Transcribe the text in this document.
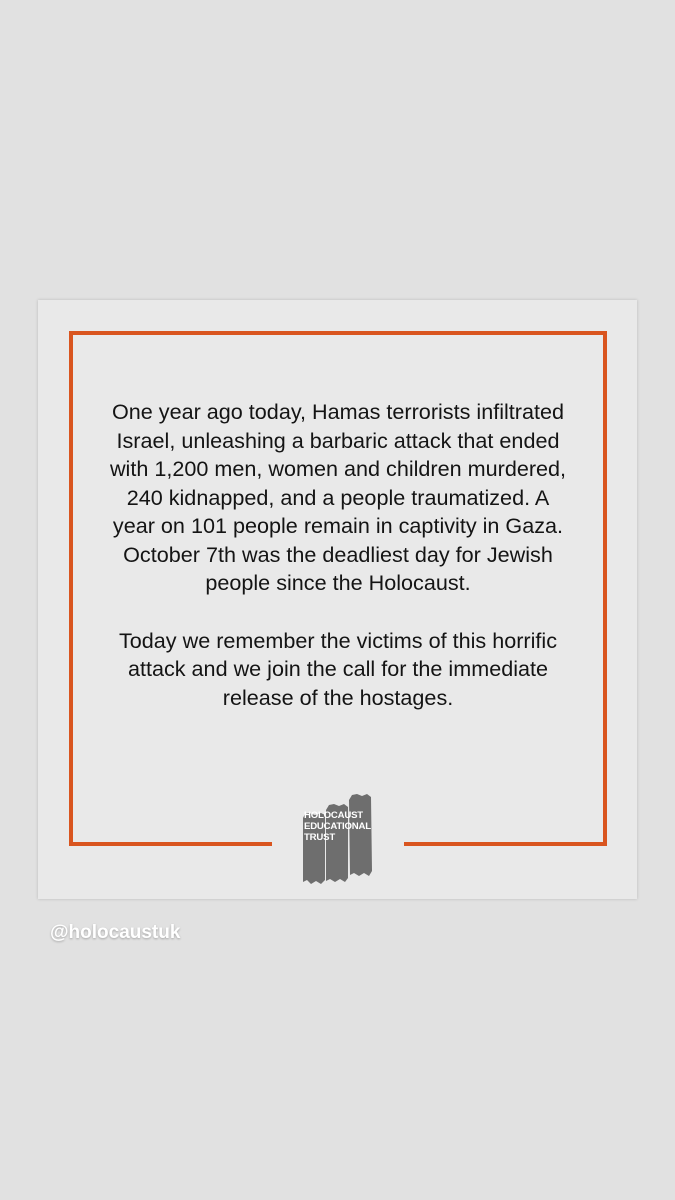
One year ago today, Hamas terrorists infiltrated Israel, unleashing a barbaric attack that ended with 1,200 men, women and children murdered, 240 kidnapped, and a people traumatized. A year on 101 people remain in captivity in Gaza. October 7th was the deadliest day for Jewish people since the Holocaust.

Today we remember the victims of this horrific attack and we join the call for the immediate release of the hostages.

HOLOCAUST
EDUCATIONAL
TRUST
@holocaustuk
